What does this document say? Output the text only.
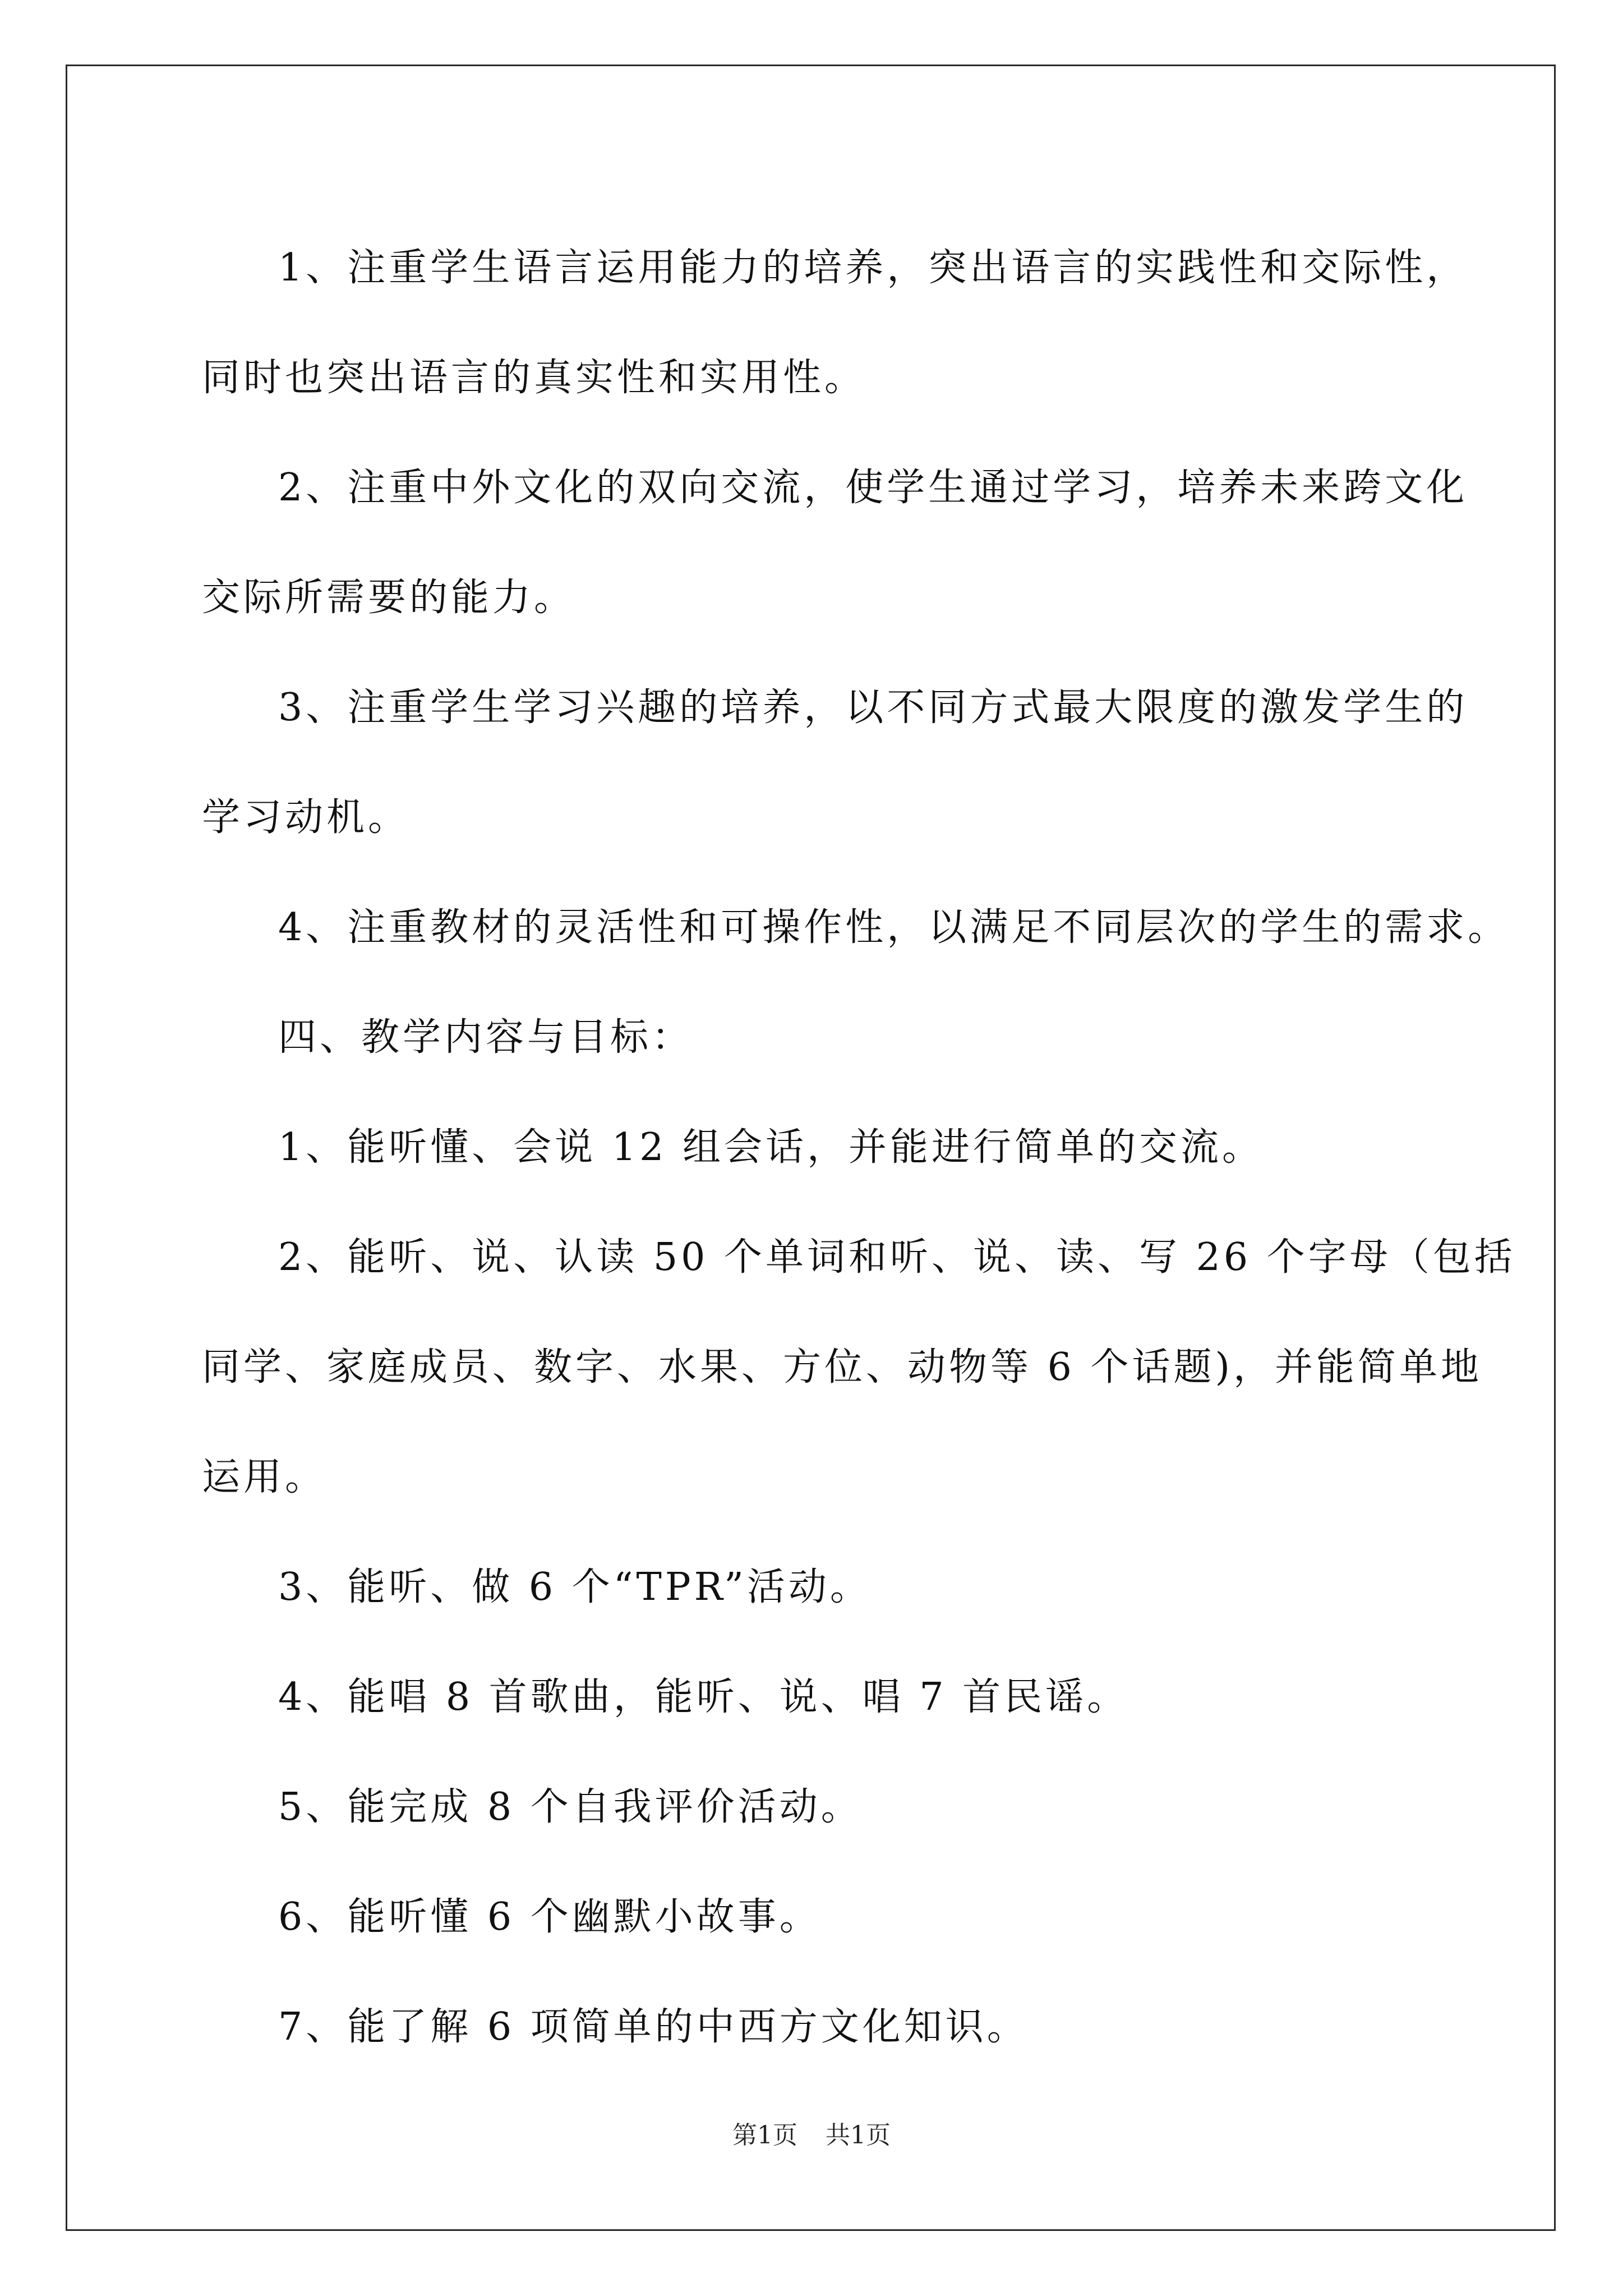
1、注重学生语言运用能力的培养，突出语言的实践性和交际性，

同时也突出语言的真实性和实用性。

2、注重中外文化的双向交流，使学生通过学习，培养未来跨文化

交际所需要的能力。

3、注重学生学习兴趣的培养，以不同方式最大限度的激发学生的

学习动机。

4、注重教材的灵活性和可操作性，以满足不同层次的学生的需求。

四、教学内容与目标：

1、能听懂、会说 12 组会话，并能进行简单的交流。

2、能听、说、认读 50 个单词和听、说、读、写 26 个字母（包括

同学、家庭成员、数字、水果、方位、动物等 6 个话题)，并能简单地

运用。

3、能听、做 6 个“TPR”活动。

4、能唱 8 首歌曲，能听、说、唱 7 首民谣。

5、能完成 8 个自我评价活动。

6、能听懂 6 个幽默小故事。

7、能了解 6 项简单的中西方文化知识。

第1页 共1页
